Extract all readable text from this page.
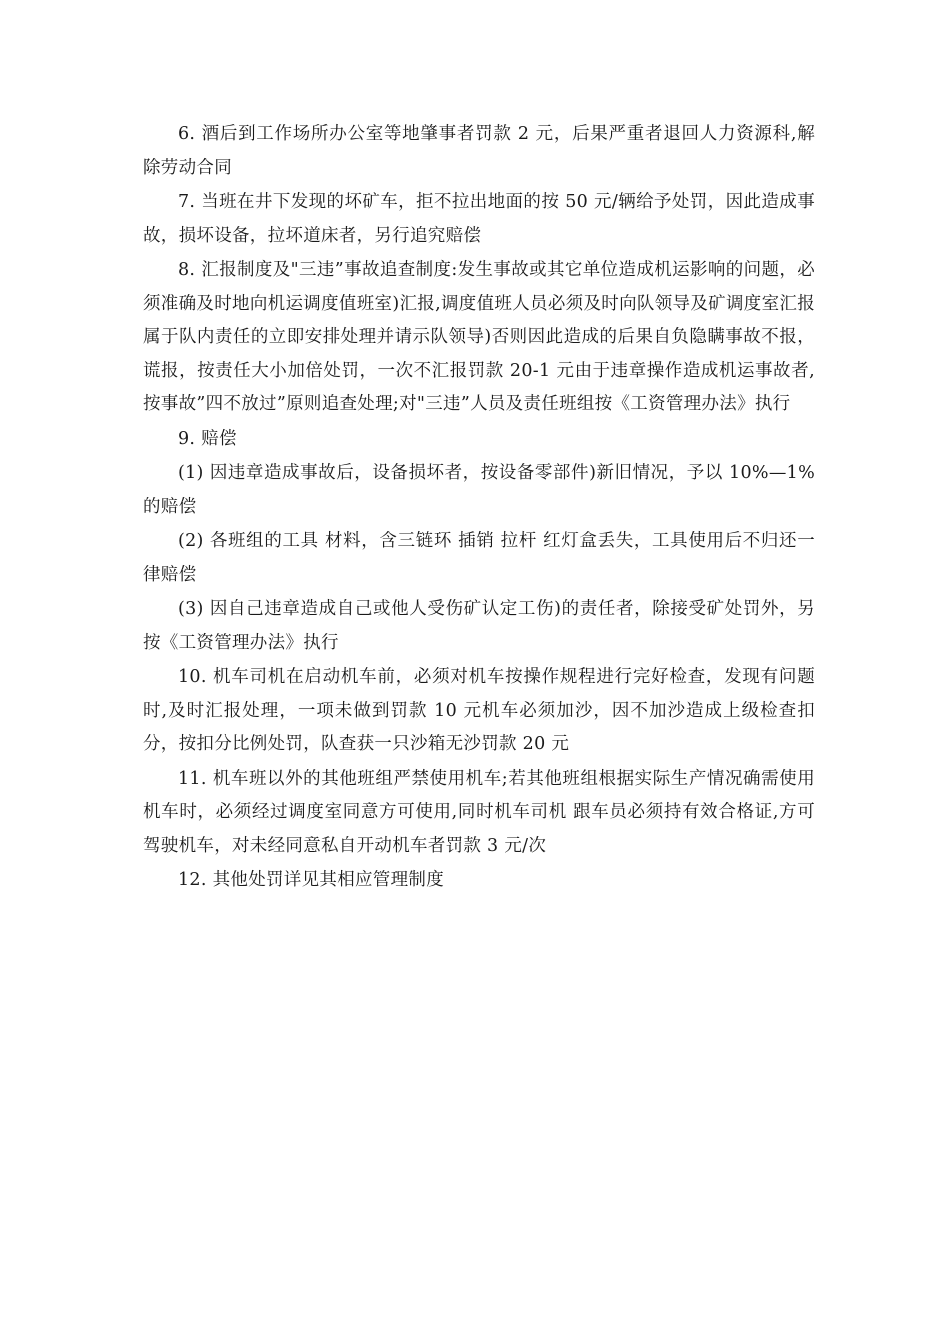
6. 酒后到工作场所办公室等地肇事者罚款 2 元，后果严重者退回人力资源科,解除劳动合同

7. 当班在井下发现的坏矿车，拒不拉出地面的按 50 元/辆给予处罚，因此造成事故，损坏设备，拉坏道床者，另行追究赔偿

8. 汇报制度及"三违”事故追查制度:发生事故或其它单位造成机运影响的问题，必须准确及时地向机运调度值班室)汇报,调度值班人员必须及时向队领导及矿调度室汇报属于队内责任的立即安排处理并请示队领导)否则因此造成的后果自负隐瞒事故不报，谎报，按责任大小加倍处罚，一次不汇报罚款 20-1 元由于违章操作造成机运事故者,按事故”四不放过”原则追查处理;对"三违”人员及责任班组按《工资管理办法》执行

9. 赔偿

(1) 因违章造成事故后，设备损坏者，按设备零部件)新旧情况，予以 10%—1%的赔偿

(2) 各班组的工具 材料，含三链环 插销 拉杆 红灯盒丢失，工具使用后不归还一律赔偿

(3) 因自己违章造成自己或他人受伤矿认定工伤)的责任者，除接受矿处罚外，另按《工资管理办法》执行

10. 机车司机在启动机车前，必须对机车按操作规程进行完好检查，发现有问题时,及时汇报处理，一项未做到罚款 10 元机车必须加沙，因不加沙造成上级检查扣分，按扣分比例处罚，队查获一只沙箱无沙罚款 20 元

11. 机车班以外的其他班组严禁使用机车;若其他班组根据实际生产情况确需使用机车时，必须经过调度室同意方可使用,同时机车司机 跟车员必须持有效合格证,方可驾驶机车，对未经同意私自开动机车者罚款 3 元/次

12. 其他处罚详见其相应管理制度
